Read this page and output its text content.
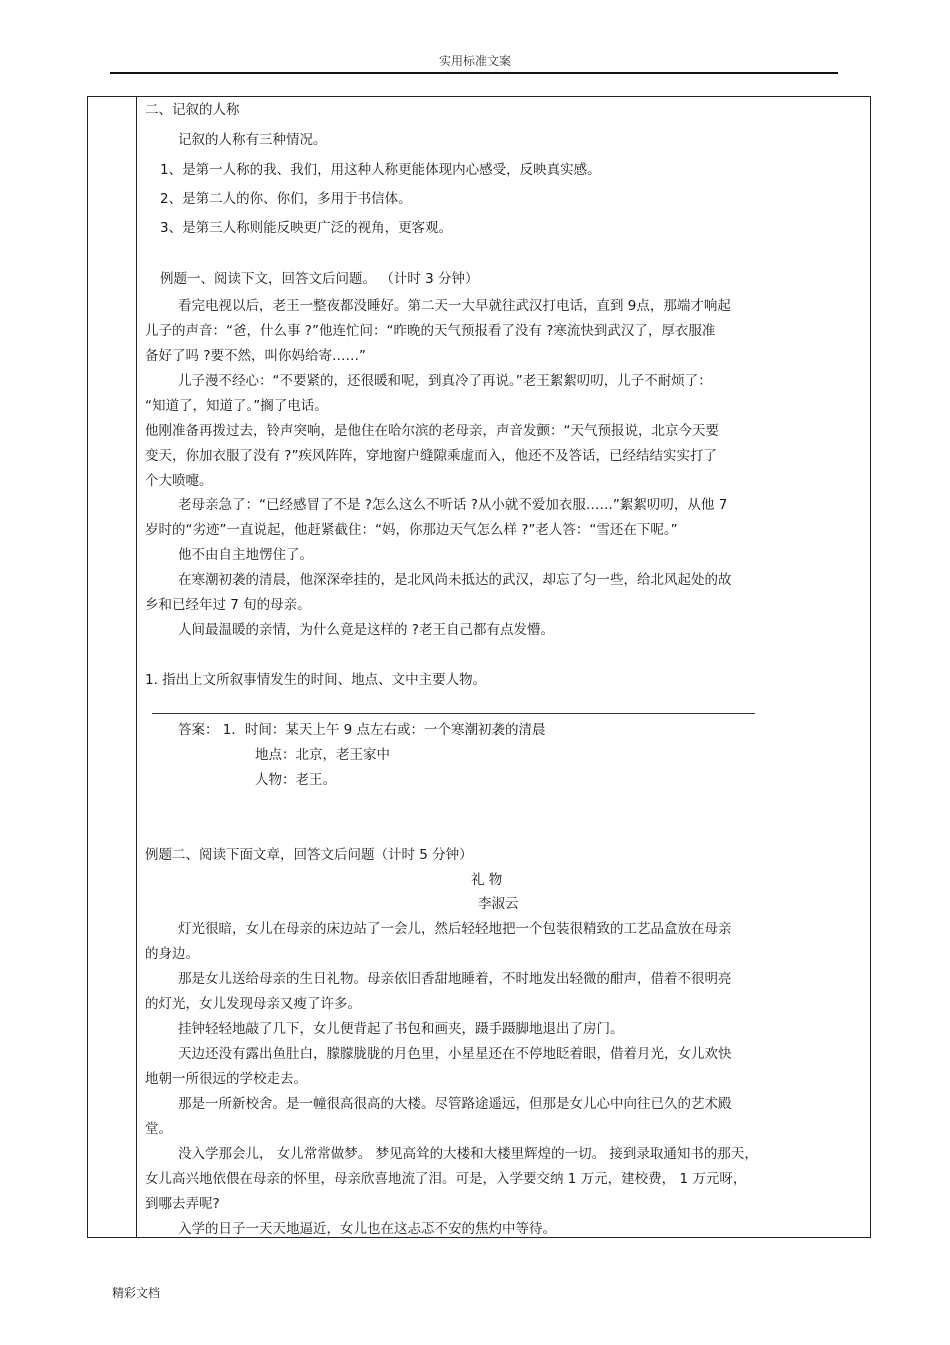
实用标准文案
二、记叙的人称
记叙的人称有三种情况。
1、是第一人称的我、我们，用这种人称更能体现内心感受，反映真实感。
2、是第二人的你、你们，多用于书信体。
3、是第三人称则能反映更广泛的视角，更客观。
例题一、阅读下文，回答文后问题。 （计时 3 分钟）
看完电视以后，老王一整夜都没睡好。第二天一大早就往武汉打电话，直到 9点，那端才响起
儿子的声音：“爸，什么事 ?”他连忙问：“昨晚的天气预报看了没有 ?寒流快到武汉了，厚衣服准
备好了吗 ?要不然，叫你妈给寄……”
儿子漫不经心：“不要紧的，还很暖和呢，到真冷了再说。”老王絮絮叨叨，儿子不耐烦了：
“知道了，知道了。”搁了电话。
他刚准备再拨过去，铃声突响，是他住在哈尔滨的老母亲，声音发颤：“天气预报说，北京今天要
变天，你加衣服了没有 ?”疾风阵阵，穿地窗户缝隙乘虚而入，他还不及答话，已经结结实实打了
个大喷嚏。
老母亲急了：“已经感冒了不是 ?怎么这么不听话 ?从小就不爱加衣服……”絮絮叨叨，从他 7
岁时的“劣迹”一直说起，他赶紧截住：“妈，你那边天气怎么样 ?”老人答：“雪还在下呢。”
他不由自主地愣住了。
在寒潮初袭的清晨，他深深牵挂的，是北风尚未抵达的武汉，却忘了匀一些，给北风起处的故
乡和已经年过 7 旬的母亲。
人间最温暖的亲情，为什么竟是这样的 ?老王自己都有点发懵。
1. 指出上文所叙事情发生的时间、地点、文中主要人物。
答案： 1．时间：某天上午 9 点左右或：一个寒潮初袭的清晨
地点：北京，老王家中
人物：老王。
例题二、阅读下面文章，回答文后问题（计时 5 分钟）
礼 物
李淑云
灯光很暗，女儿在母亲的床边站了一会儿，然后轻轻地把一个包装很精致的工艺品盒放在母亲
的身边。
那是女儿送给母亲的生日礼物。母亲依旧香甜地睡着，不时地发出轻微的酣声，借着不很明亮
的灯光，女儿发现母亲又瘦了许多。
挂钟轻轻地敲了几下，女儿便背起了书包和画夹，蹑手蹑脚地退出了房门。
天边还没有露出鱼肚白，朦朦胧胧的月色里，小星星还在不停地眨着眼，借着月光，女儿欢快
地朝一所很远的学校走去。
那是一所新校舍。是一幢很高很高的大楼。尽管路途遥远，但那是女儿心中向往已久的艺术殿
堂。
没入学那会儿， 女儿常常做梦。 梦见高耸的大楼和大楼里辉煌的一切。 接到录取通知书的那天，
女儿高兴地依偎在母亲的怀里，母亲欣喜地流了泪。可是，入学要交纳 1 万元，建校费， 1 万元呀，
到哪去弄呢?
入学的日子一天天地逼近，女儿也在这忐忑不安的焦灼中等待。
精彩文档
